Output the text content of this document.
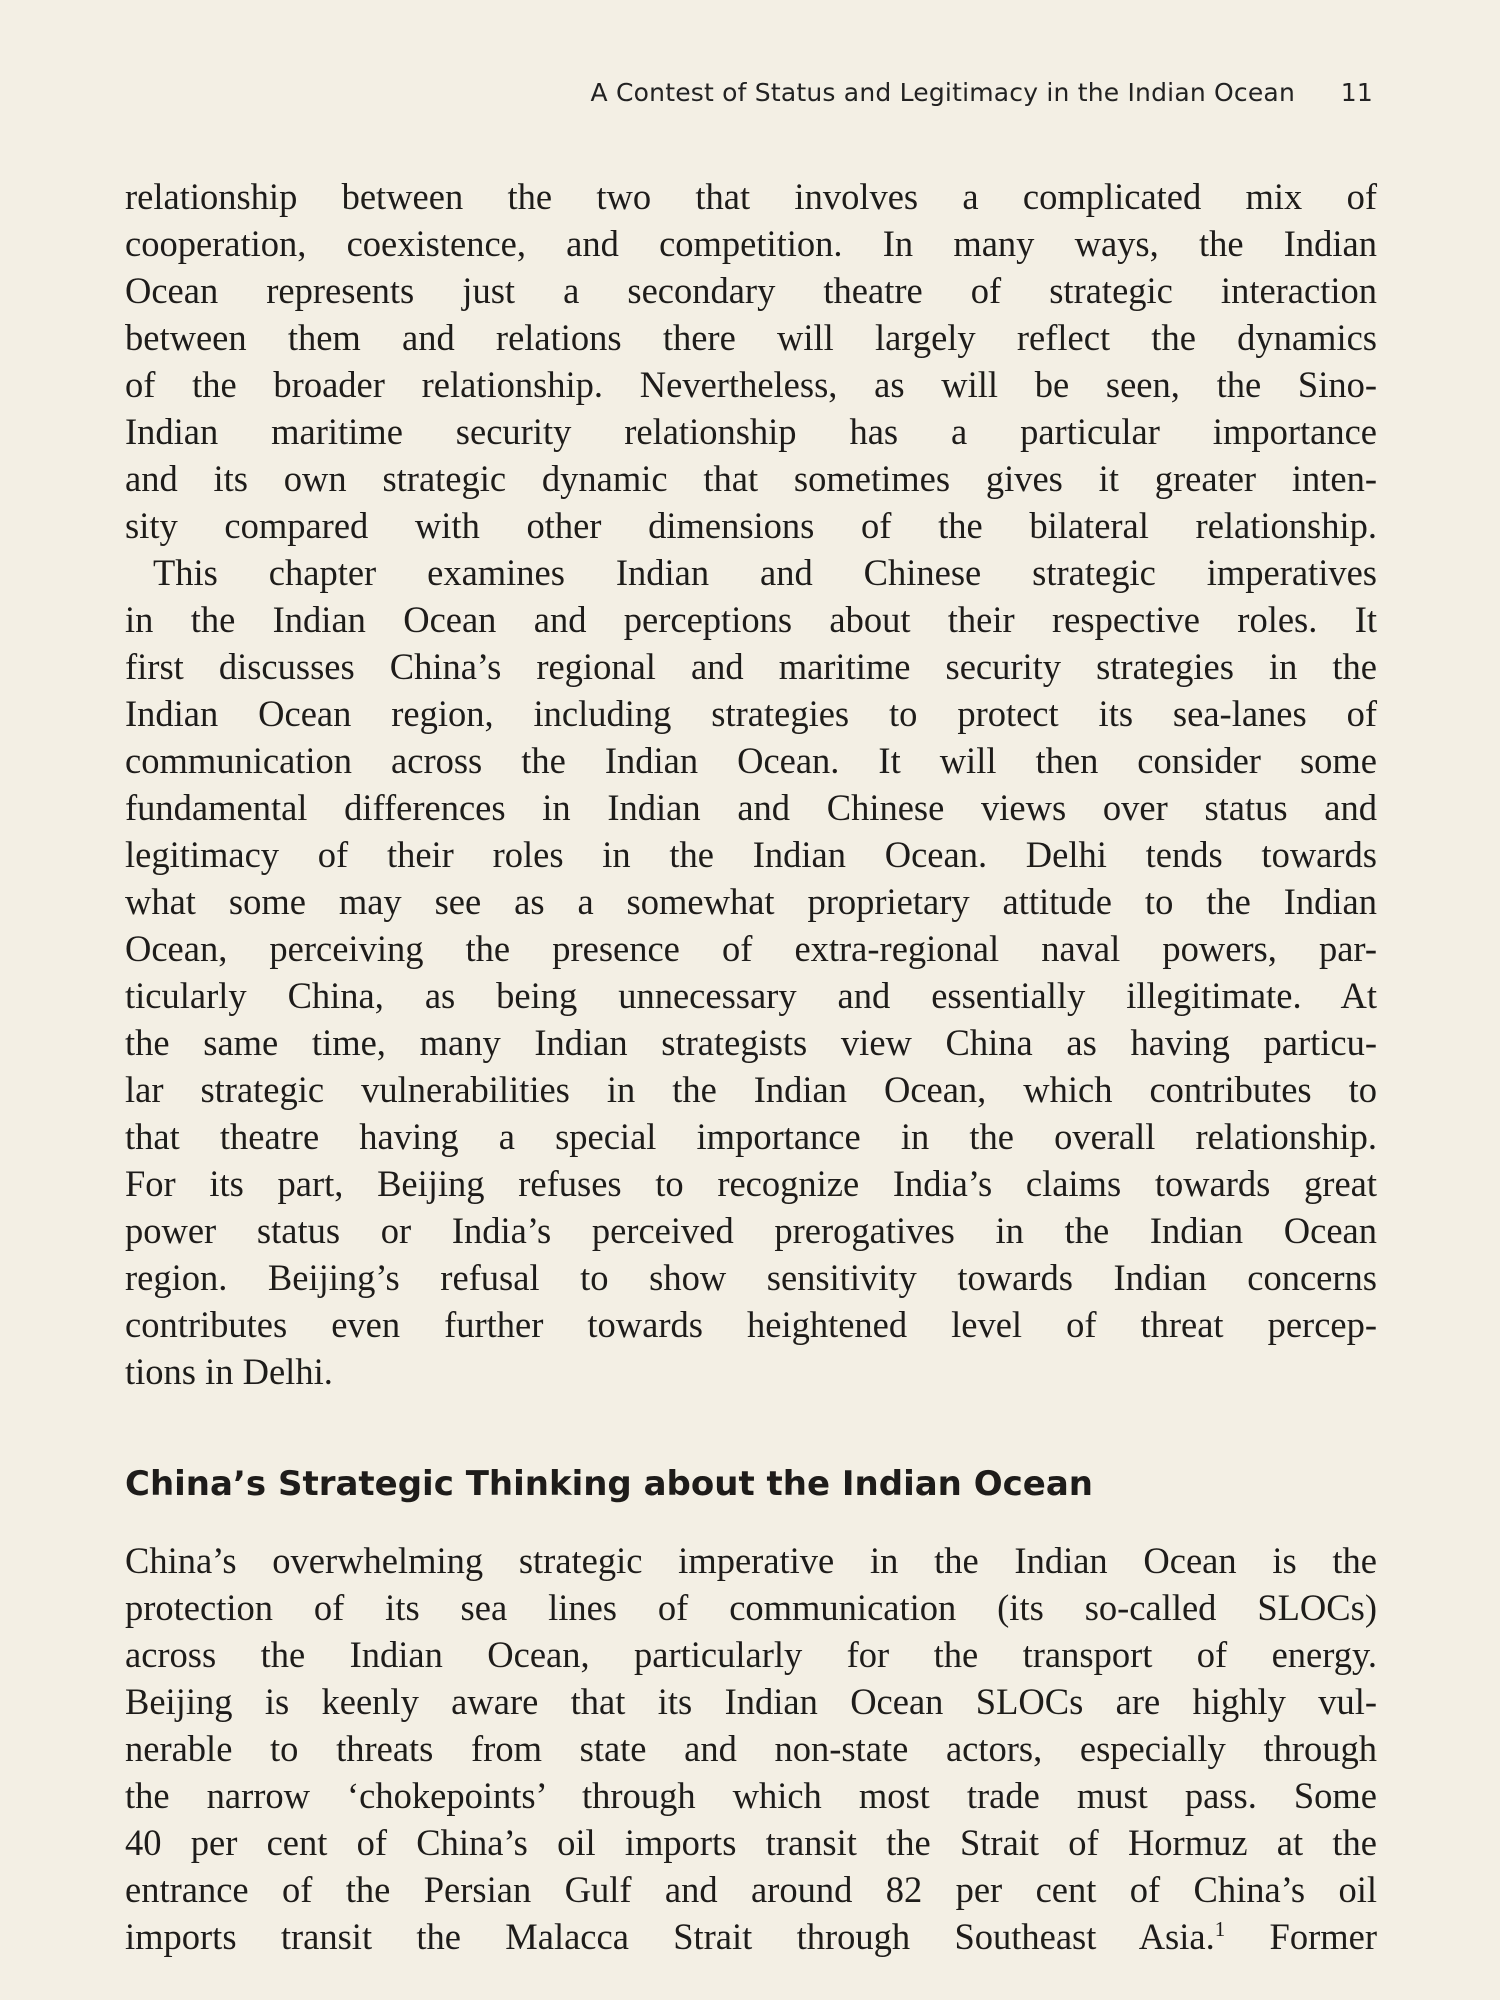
A Contest of Status and Legitimacy in the Indian Ocean 11
relationship between the two that involves a complicated mix of
cooperation, coexistence, and competition. In many ways, the Indian
Ocean represents just a secondary theatre of strategic interaction
between them and relations there will largely reflect the dynamics
of the broader relationship. Nevertheless, as will be seen, the Sino-
Indian maritime security relationship has a particular importance
and its own strategic dynamic that sometimes gives it greater inten-
sity compared with other dimensions of the bilateral relationship.
This chapter examines Indian and Chinese strategic imperatives
in the Indian Ocean and perceptions about their respective roles. It
first discusses China’s regional and maritime security strategies in the
Indian Ocean region, including strategies to protect its sea-lanes of
communication across the Indian Ocean. It will then consider some
fundamental differences in Indian and Chinese views over status and
legitimacy of their roles in the Indian Ocean. Delhi tends towards
what some may see as a somewhat proprietary attitude to the Indian
Ocean, perceiving the presence of extra-regional naval powers, par-
ticularly China, as being unnecessary and essentially illegitimate. At
the same time, many Indian strategists view China as having particu-
lar strategic vulnerabilities in the Indian Ocean, which contributes to
that theatre having a special importance in the overall relationship.
For its part, Beijing refuses to recognize India’s claims towards great
power status or India’s perceived prerogatives in the Indian Ocean
region. Beijing’s refusal to show sensitivity towards Indian concerns
contributes even further towards heightened level of threat percep-
tions in Delhi.
China’s Strategic Thinking about the Indian Ocean
China’s overwhelming strategic imperative in the Indian Ocean is the
protection of its sea lines of communication (its so-called SLOCs)
across the Indian Ocean, particularly for the transport of energy.
Beijing is keenly aware that its Indian Ocean SLOCs are highly vul-
nerable to threats from state and non-state actors, especially through
the narrow ‘chokepoints’ through which most trade must pass. Some
40 per cent of China’s oil imports transit the Strait of Hormuz at the
entrance of the Persian Gulf and around 82 per cent of China’s oil
imports transit the Malacca Strait through Southeast Asia.$^1$ Former
